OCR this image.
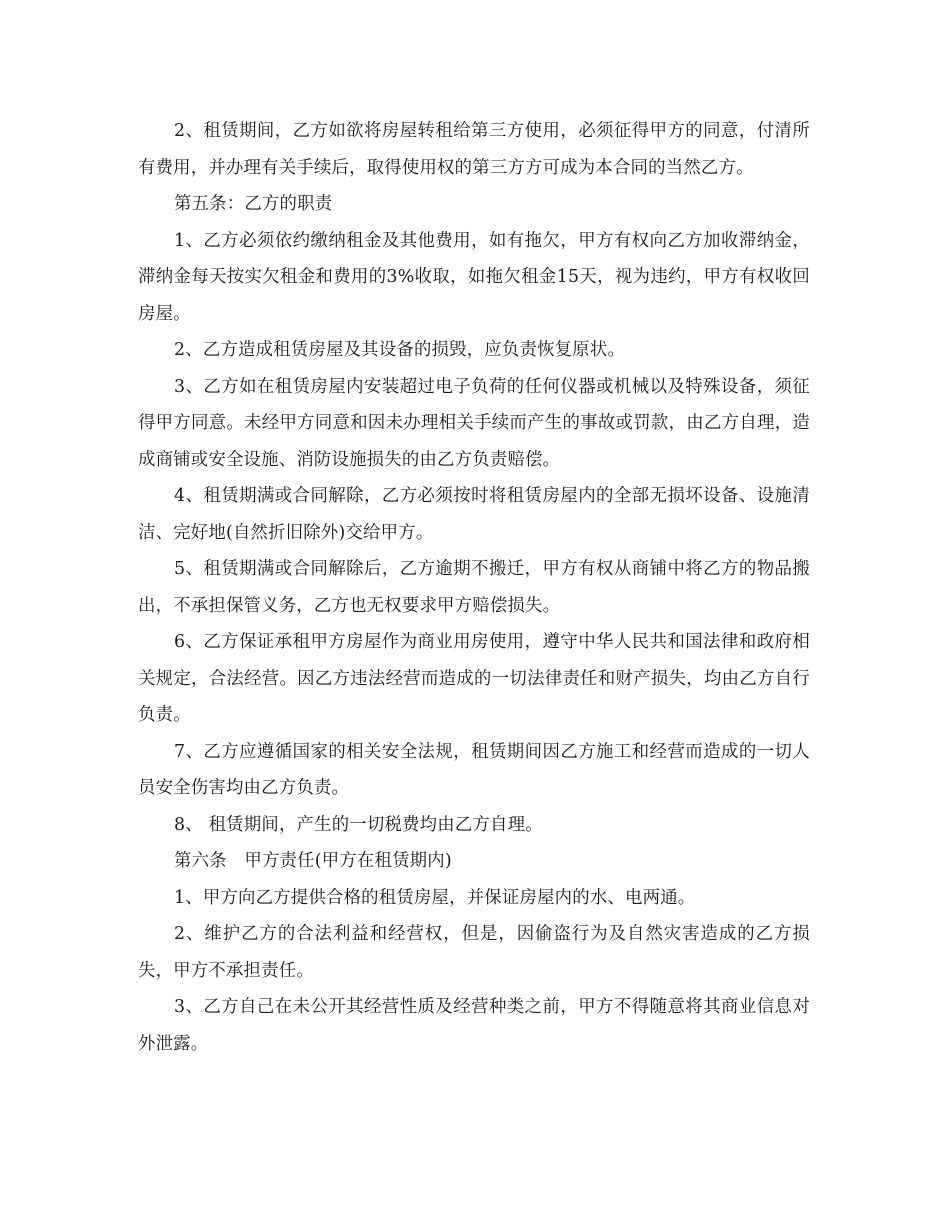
2、租赁期间，乙方如欲将房屋转租给第三方使用，必须征得甲方的同意，付清所有费用，并办理有关手续后，取得使用权的第三方方可成为本合同的当然乙方。

第五条：乙方的职责

1、乙方必须依约缴纳租金及其他费用，如有拖欠，甲方有权向乙方加收滞纳金，滞纳金每天按实欠租金和费用的3%收取，如拖欠租金15天，视为违约，甲方有权收回房屋。

2、乙方造成租赁房屋及其设备的损毁，应负责恢复原状。

3、乙方如在租赁房屋内安装超过电子负荷的任何仪器或机械以及特殊设备，须征得甲方同意。未经甲方同意和因未办理相关手续而产生的事故或罚款，由乙方自理，造成商铺或安全设施、消防设施损失的由乙方负责赔偿。

4、租赁期满或合同解除，乙方必须按时将租赁房屋内的全部无损坏设备、设施清洁、完好地(自然折旧除外)交给甲方。

5、租赁期满或合同解除后，乙方逾期不搬迁，甲方有权从商铺中将乙方的物品搬出，不承担保管义务，乙方也无权要求甲方赔偿损失。

6、乙方保证承租甲方房屋作为商业用房使用，遵守中华人民共和国法律和政府相关规定，合法经营。因乙方违法经营而造成的一切法律责任和财产损失，均由乙方自行负责。

7、乙方应遵循国家的相关安全法规，租赁期间因乙方施工和经营而造成的一切人员安全伤害均由乙方负责。

8、 租赁期间，产生的一切税费均由乙方自理。

第六条　甲方责任(甲方在租赁期内)

1、甲方向乙方提供合格的租赁房屋，并保证房屋内的水、电两通。

2、维护乙方的合法利益和经营权，但是，因偷盗行为及自然灾害造成的乙方损失，甲方不承担责任。

3、乙方自己在未公开其经营性质及经营种类之前，甲方不得随意将其商业信息对外泄露。
